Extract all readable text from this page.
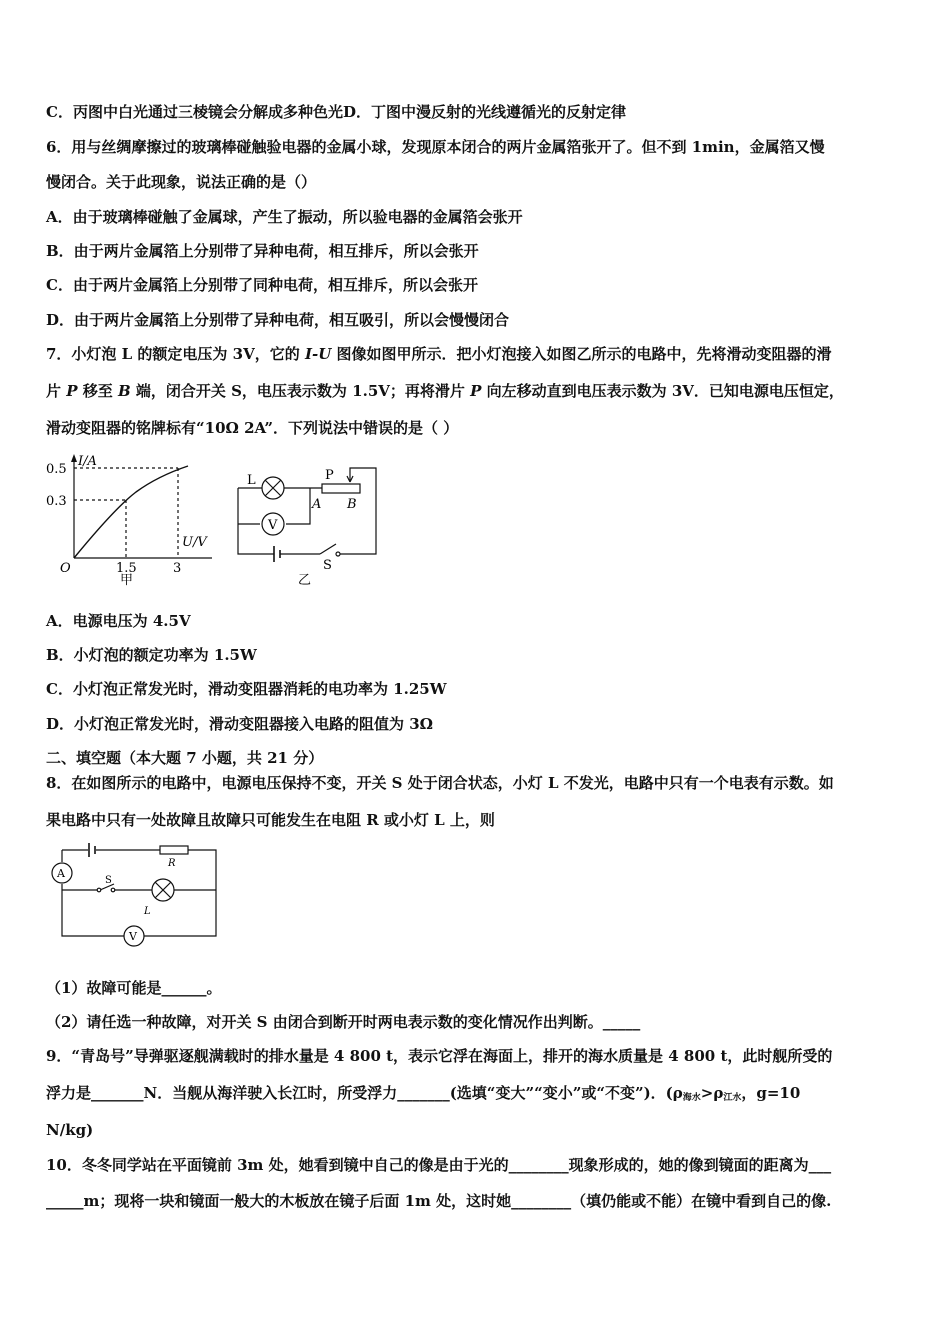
C．丙图中白光通过三棱镜会分解成多种色光D．丁图中漫反射的光线遵循光的反射定律
6．用与丝绸摩擦过的玻璃棒碰触验电器的金属小球，发现原本闭合的两片金属箔张开了。但不到 1min，金属箔又慢
慢闭合。关于此现象，说法正确的是（）
A．由于玻璃棒碰触了金属球，产生了振动，所以验电器的金属箔会张开
B．由于两片金属箔上分别带了异种电荷，相互排斥，所以会张开
C．由于两片金属箔上分别带了同种电荷，相互排斥，所以会张开
D．由于两片金属箔上分别带了异种电荷，相互吸引，所以会慢慢闭合
7．小灯泡 L 的额定电压为 3V，它的 I-U 图像如图甲所示．把小灯泡接入如图乙所示的电路中，先将滑动变阻器的滑
片 P 移至 B 端，闭合开关 S，电压表示数为 1.5V；再将滑片 P 向左移动直到电压表示数为 3V．已知电源电压恒定，
滑动变阻器的铭牌标有“10Ω 2A”．下列说法中错误的是（ ）
I/A
0.5
0.3
U/V
O	1.5	3
甲
L	P
A B
V
S
乙
A．电源电压为 4.5V
B．小灯泡的额定功率为 1.5W
C．小灯泡正常发光时，滑动变阻器消耗的电功率为 1.25W
D．小灯泡正常发光时，滑动变阻器接入电路的阻值为 3Ω
二、填空题（本大题 7 小题，共 21 分）
8．在如图所示的电路中，电源电压保持不变，开关 S 处于闭合状态，小灯 L 不发光，电路中只有一个电表有示数。如
果电路中只有一处故障且故障只可能发生在电阻 R 或小灯 L 上，则
A
R
S
L
V
（1）故障可能是______。
（2）请任选一种故障，对开关 S 由闭合到断开时两电表示数的变化情况作出判断。_____
9．“青岛号”导弹驱逐舰满载时的排水量是 4 800 t，表示它浮在海面上，排开的海水质量是 4 800 t，此时舰所受的
浮力是_______N．当舰从海洋驶入长江时，所受浮力_______(选填“变大”“变小”或“不变”)．($\rho_{海水}>\rho_{江水}$，g=10
N/kg)
10．冬冬同学站在平面镜前 3m 处，她看到镜中自己的像是由于光的________现象形成的，她的像到镜面的距离为___
_____m；现将一块和镜面一般大的木板放在镜子后面 1m 处，这时她________（填仍能或不能）在镜中看到自己的像.
